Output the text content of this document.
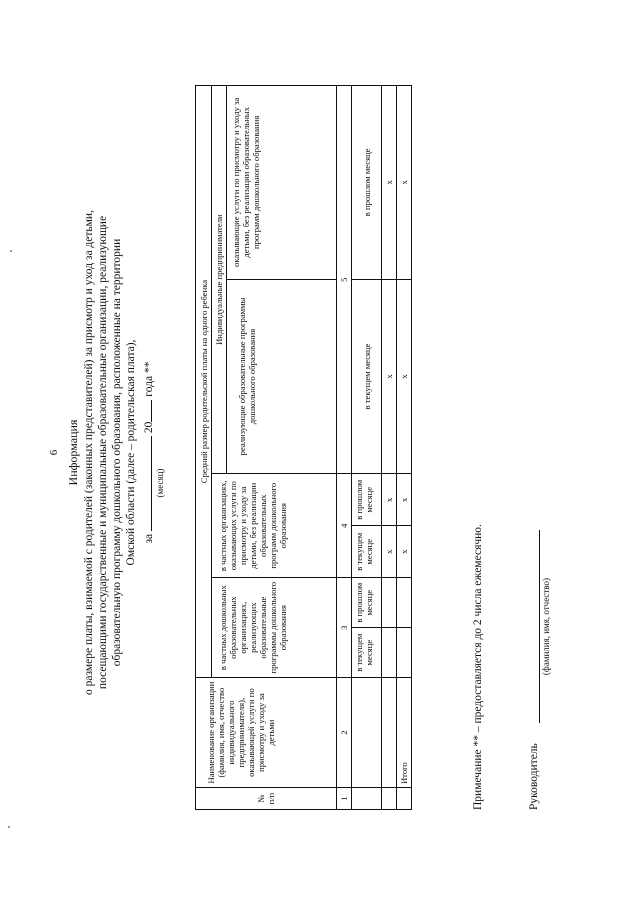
6 Информация о размере платы, взимаемой с родителей (законных представителей) за присмотр и уход за детьми, посещающими государственные и муниципальные образовательные организации, реализующие образовательную программу дошкольного образования, расположенные на территории Омской области (далее – родительская плата), за  20 года **
(месяц)
№ п/п	Наименование организации (фамилия, имя, отчество индивидуального предпринимателя), оказывающей услуги по присмотру и уходу за детьми	Средний размер родительской платы на одного ребенка					
		в частных дошкольных образовательных организациях, реализующих образовательные программы дошкольного образования		в частных организациях, оказывающих услуги по присмотру и уходу за детьми, без реализации образовательных программ дошкольного образования		Индивидуальные предприниматели	
						реализующие образовательные программы дошкольного образования	оказывающие услуги по присмотру и уходу за детьми, без реализации образовательных программ дошкольного образования
1	2	3		4		5	
		в текущем месяце	в прошлом месяце	в текущем месяце	в прошлом месяце	в текущем месяце	в прошлом месяце
				x	x	x	x
	Итого			x	x	x	x
Примечание ** – предоставляется до 2 числа ежемесячно.	Руководитель
(фамилия, имя, отчество)
